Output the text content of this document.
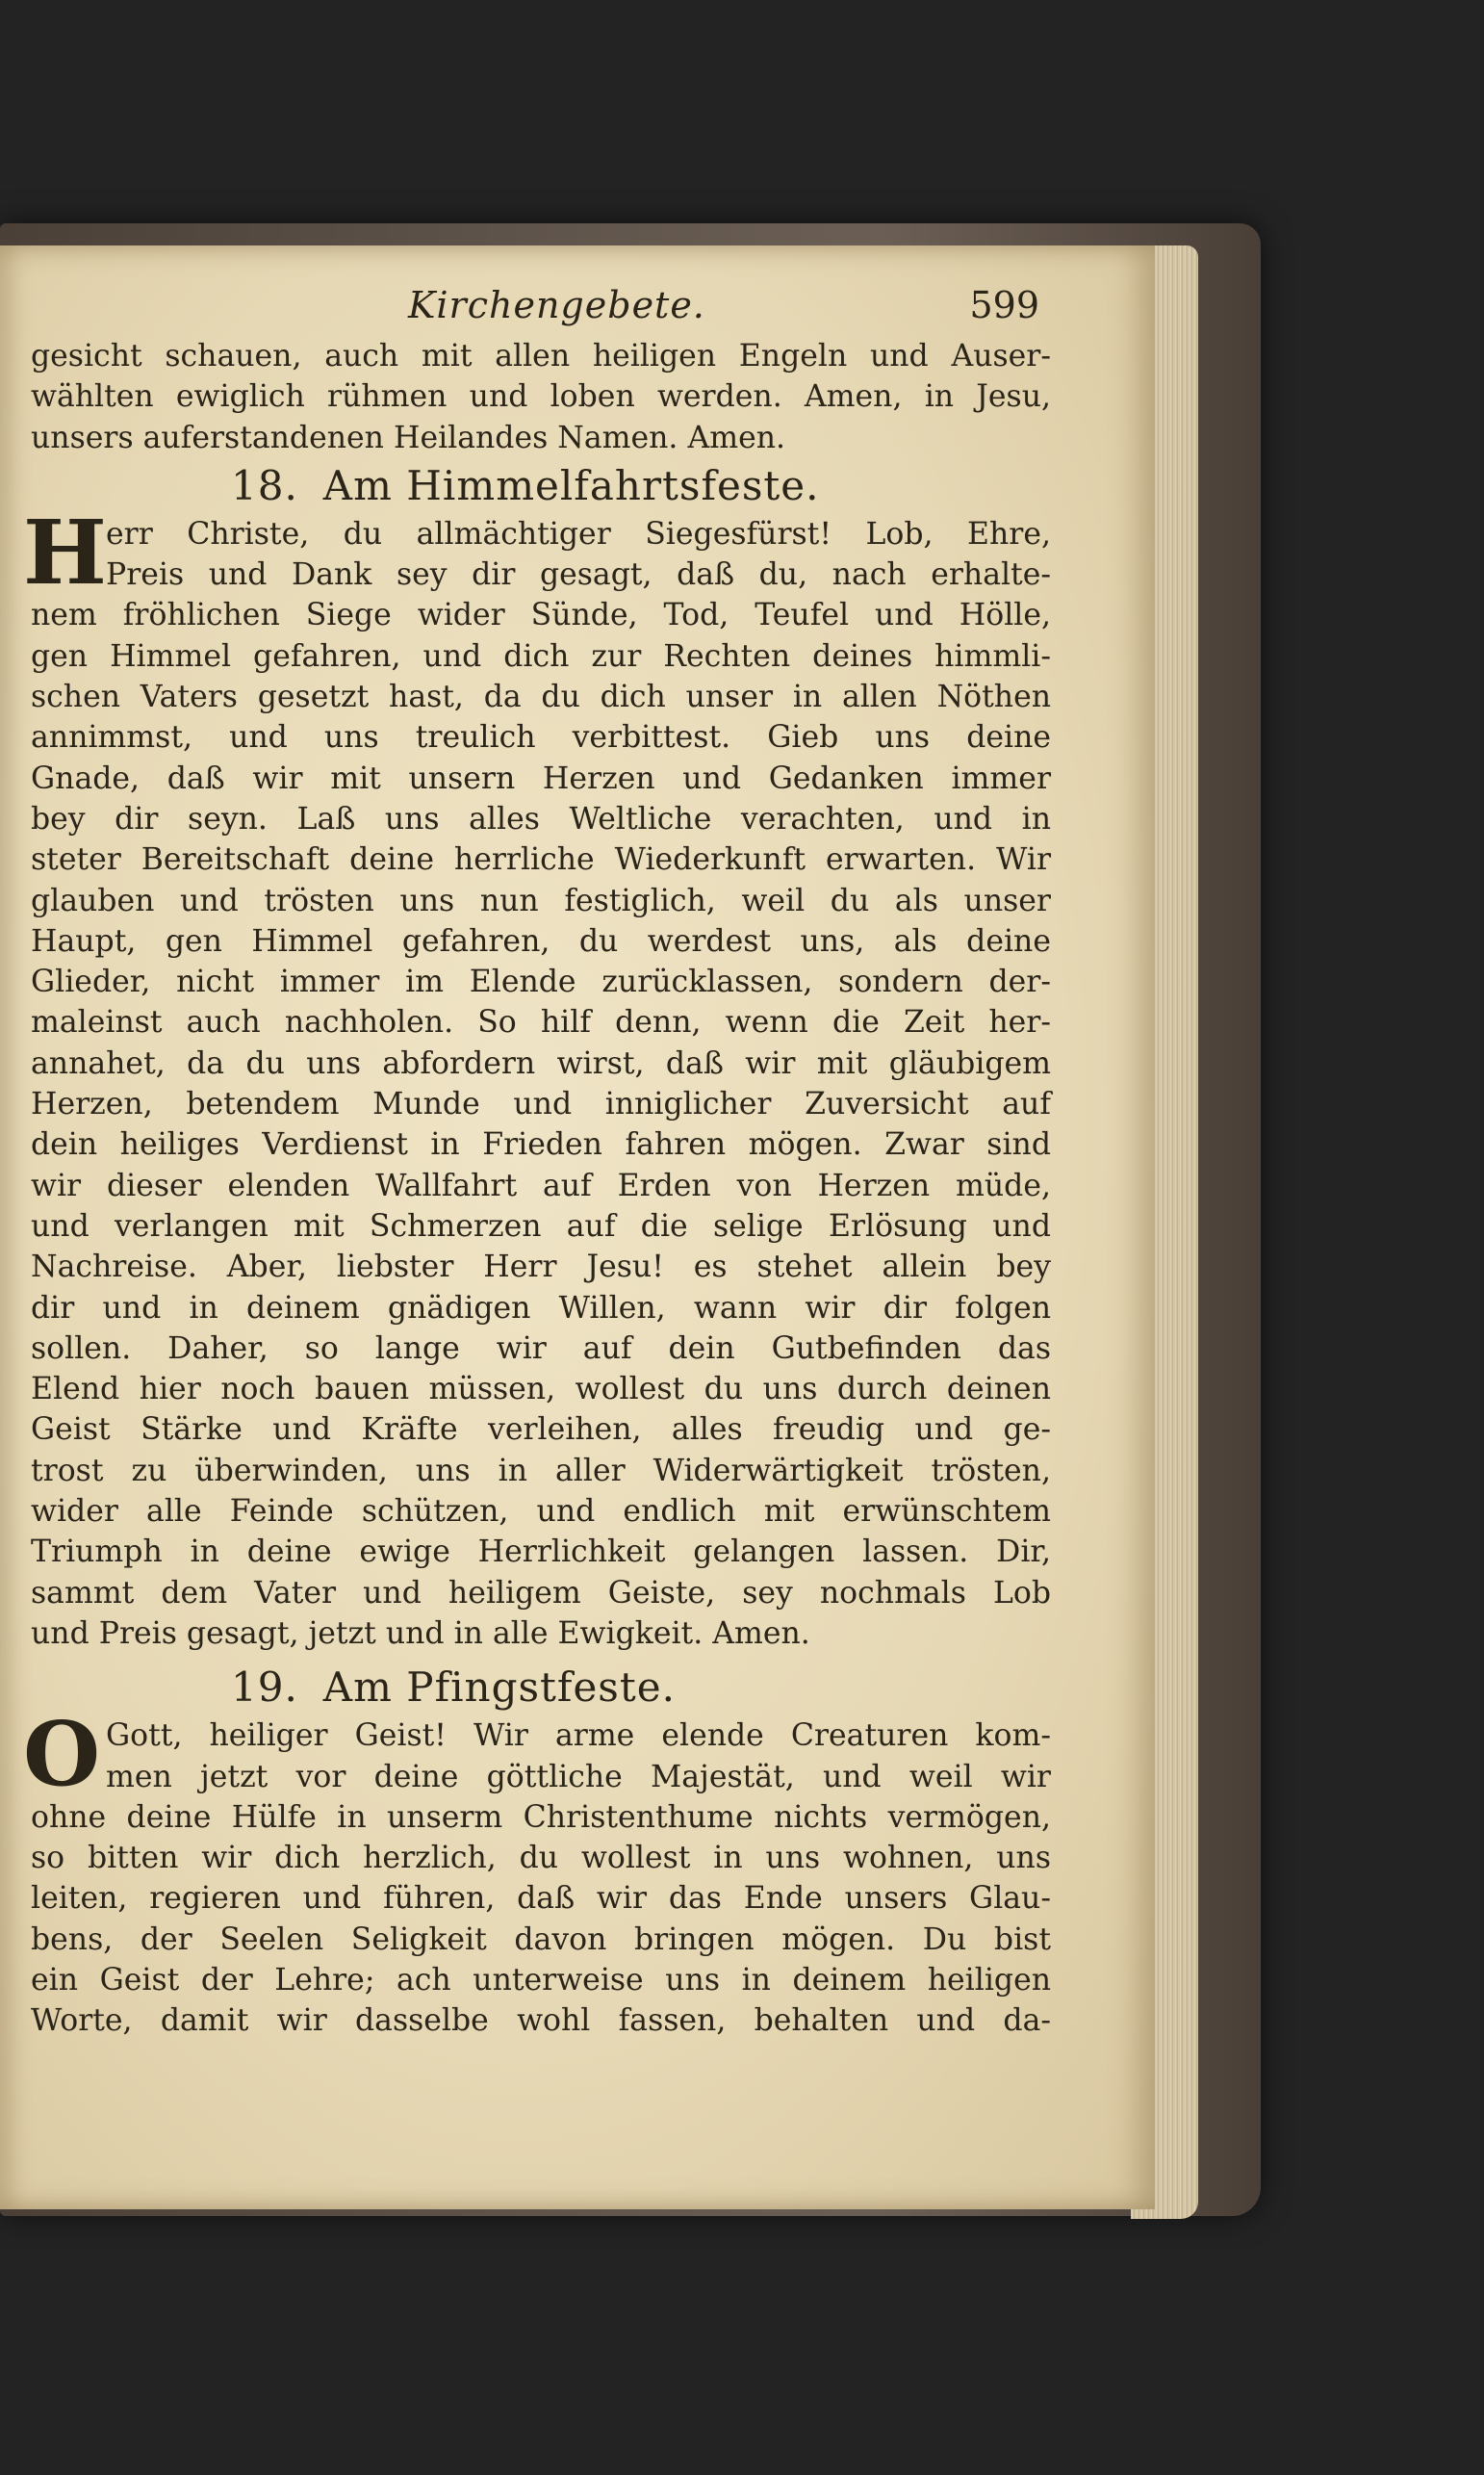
Kirchengebete.	599
gesicht schauen, auch mit allen heiligen Engeln und Auser-
wählten ewiglich rühmen und loben werden. Amen, in Jesu,
unsers auferstandenen Heilandes Namen. Amen.
18. Am Himmelfahrtsfeste.
H err Christe, du allmächtiger Siegesfürst! Lob, Ehre,
Preis und Dank sey dir gesagt, daß du, nach erhalte-
nem fröhlichen Siege wider Sünde, Tod, Teufel und Hölle,
gen Himmel gefahren, und dich zur Rechten deines himmli-
schen Vaters gesetzt hast, da du dich unser in allen Nöthen
annimmst, und uns treulich verbittest. Gieb uns deine
Gnade, daß wir mit unsern Herzen und Gedanken immer
bey dir seyn. Laß uns alles Weltliche verachten, und in
steter Bereitschaft deine herrliche Wiederkunft erwarten. Wir
glauben und trösten uns nun festiglich, weil du als unser
Haupt, gen Himmel gefahren, du werdest uns, als deine
Glieder, nicht immer im Elende zurücklassen, sondern der-
maleinst auch nachholen. So hilf denn, wenn die Zeit her-
annahet, da du uns abfordern wirst, daß wir mit gläubigem
Herzen, betendem Munde und inniglicher Zuversicht auf
dein heiliges Verdienst in Frieden fahren mögen. Zwar sind
wir dieser elenden Wallfahrt auf Erden von Herzen müde,
und verlangen mit Schmerzen auf die selige Erlösung und
Nachreise. Aber, liebster Herr Jesu! es stehet allein bey
dir und in deinem gnädigen Willen, wann wir dir folgen
sollen. Daher, so lange wir auf dein Gutbefinden das
Elend hier noch bauen müssen, wollest du uns durch deinen
Geist Stärke und Kräfte verleihen, alles freudig und ge-
trost zu überwinden, uns in aller Widerwärtigkeit trösten,
wider alle Feinde schützen, und endlich mit erwünschtem
Triumph in deine ewige Herrlichkeit gelangen lassen. Dir,
sammt dem Vater und heiligem Geiste, sey nochmals Lob
und Preis gesagt, jetzt und in alle Ewigkeit. Amen.
19. Am Pfingstfeste.
O Gott, heiliger Geist! Wir arme elende Creaturen kom-
men jetzt vor deine göttliche Majestät, und weil wir
ohne deine Hülfe in unserm Christenthume nichts vermögen,
so bitten wir dich herzlich, du wollest in uns wohnen, uns
leiten, regieren und führen, daß wir das Ende unsers Glau-
bens, der Seelen Seligkeit davon bringen mögen. Du bist
ein Geist der Lehre; ach unterweise uns in deinem heiligen
Worte, damit wir dasselbe wohl fassen, behalten und da-
